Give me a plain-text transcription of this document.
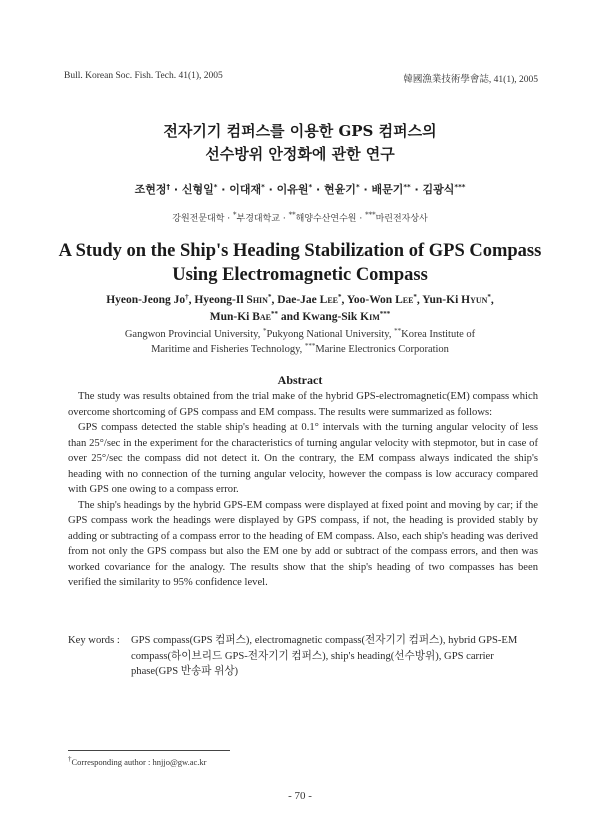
Bull. Korean Soc. Fish. Tech. 41(1), 2005	韓國漁業技術學會誌, 41(1), 2005
전자기기 컴퍼스를 이용한 GPS 컴퍼스의
선수방위 안정화에 관한 연구
조현정† · 신형일* · 이대재* · 이유원* · 현윤기* · 배문기** · 김광식***
강원전문대학 · *부경대학교 · **해양수산연수원 · ***마린전자상사
A Study on the Ship's Heading Stabilization of GPS Compass
Using Electromagnetic Compass
Hyeon-Jeong Jo†, Hyeong-Il Shin*, Dae-Jae Lee*, Yoo-Won Lee*, Yun-Ki Hyun*,
Mun-Ki Bae** and Kwang-Sik Kim***
Gangwon Provincial University, *Pukyong National University, **Korea Institute of
Maritime and Fisheries Technology, ***Marine Electronics Corporation
Abstract

The study was results obtained from the trial make of the hybrid GPS-electromagnetic(EM) compass which overcome shortcoming of GPS compass and EM compass. The results were summarized as follows:

GPS compass detected the stable ship's heading at 0.1° intervals with the turning angular velocity of less than 25°/sec in the experiment for the characteristics of turning angular velocity with stepmotor, but in case of over 25°/sec the compass did not detect it. On the contrary, the EM compass always indicated the ship's heading with no connection of the turning angular velocity, however the compass is low accuracy compared with GPS one owing to a compass error.

The ship's headings by the hybrid GPS-EM compass were displayed at fixed point and moving by car; if the GPS compass work the headings were displayed by GPS compass, if not, the heading is provided stably by adding or subtracting of a compass error to the heading of EM compass. Also, each ship's heading was derived from not only the GPS compass but also the EM one by add or subtract of the compass errors, and then was worked covariance for the analogy. The results show that the ship's heading of two compasses has been verified the similarity to 95% confidence level.

Key words : GPS compass(GPS 컴퍼스), electromagnetic compass(전자기기 컴퍼스), hybrid GPS-EM compass(하이브리드 GPS-전자기기 컴퍼스), ship's heading(선수방위), GPS carrier phase(GPS 반송파 위상)
†Corresponding author : hnjjo@gw.ac.kr
- 70 -
